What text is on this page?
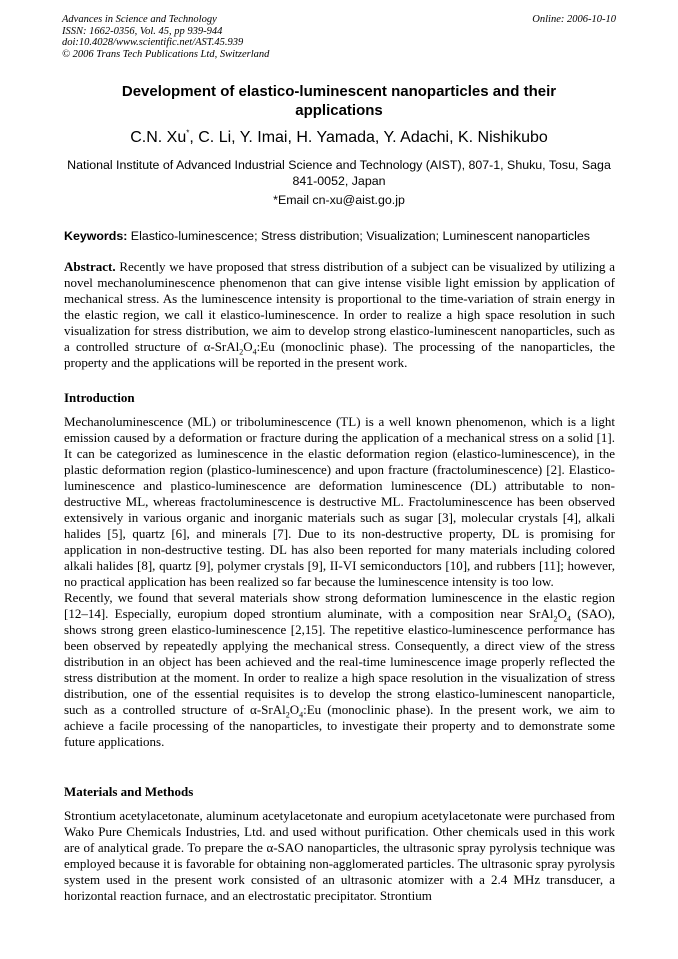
Advances in Science and Technology
ISSN: 1662-0356, Vol. 45, pp 939-944
doi:10.4028/www.scientific.net/AST.45.939
© 2006 Trans Tech Publications Ltd, Switzerland
Online: 2006-10-10
Development of elastico-luminescent nanoparticles and their applications
C.N. Xu*, C. Li, Y. Imai, H. Yamada, Y. Adachi, K. Nishikubo
National Institute of Advanced Industrial Science and Technology (AIST), 807-1, Shuku, Tosu, Saga 841-0052, Japan
*Email cn-xu@aist.go.jp
Keywords: Elastico-luminescence; Stress distribution; Visualization; Luminescent nanoparticles

Abstract. Recently we have proposed that stress distribution of a subject can be visualized by utilizing a novel mechanoluminescence phenomenon that can give intense visible light emission by application of mechanical stress. As the luminescence intensity is proportional to the time-variation of strain energy in the elastic region, we call it elastico-luminescence. In order to realize a high space resolution in such visualization for stress distribution, we aim to develop strong elastico-luminescent nanoparticles, such as a controlled structure of $\alpha-SrAl_2O_4:Eu$ (monoclinic phase). The processing of the nanoparticles, the property and the applications will be reported in the present work.

Introduction

Mechanoluminescence (ML) or triboluminescence (TL) is a well known phenomenon, which is a light emission caused by a deformation or fracture during the application of a mechanical stress on a solid [1]. It can be categorized as luminescence in the elastic deformation region (elastico-luminescence), in the plastic deformation region (plastico-luminescence) and upon fracture (fractoluminescence) [2]. Elastico-luminescence and plastico-luminescence are deformation luminescence (DL) attributable to non-destructive ML, whereas fractoluminescence is destructive ML. Fractoluminescence has been observed extensively in various organic and inorganic materials such as sugar [3], molecular crystals [4], alkali halides [5], quartz [6], and minerals [7]. Due to its non-destructive property, DL is promising for application in non-destructive testing. DL has also been reported for many materials including colored alkali halides [8], quartz [9], polymer crystals [9], II-VI semiconductors [10], and rubbers [11]; however, no practical application has been realized so far because the luminescence intensity is too low.

Recently, we found that several materials show strong deformation luminescence in the elastic region [12–14]. Especially, europium doped strontium aluminate, with a composition near $SrAl_2O_4$ (SAO), shows strong green elastico-luminescence [2,15]. The repetitive elastico-luminescence performance has been observed by repeatedly applying the mechanical stress. Consequently, a direct view of the stress distribution in an object has been achieved and the real-time luminescence image properly reflected the stress distribution at the moment. In order to realize a high space resolution in the visualization of stress distribution, one of the essential requisites is to develop the strong elastico-luminescent nanoparticle, such as a controlled structure of $\alpha-SrAl_2O_4:Eu$ (monoclinic phase). In the present work, we aim to achieve a facile processing of the nanoparticles, to investigate their property and to demonstrate some future applications.

Materials and Methods

Strontium acetylacetonate, aluminum acetylacetonate and europium acetylacetonate were purchased from Wako Pure Chemicals Industries, Ltd. and used without purification. Other chemicals used in this work are of analytical grade. To prepare the α-SAO nanoparticles, the ultrasonic spray pyrolysis technique was employed because it is favorable for obtaining non-agglomerated particles. The ultrasonic spray pyrolysis system used in the present work consisted of an ultrasonic atomizer with a 2.4 MHz transducer, a horizontal reaction furnace, and an electrostatic precipitator. Strontium
